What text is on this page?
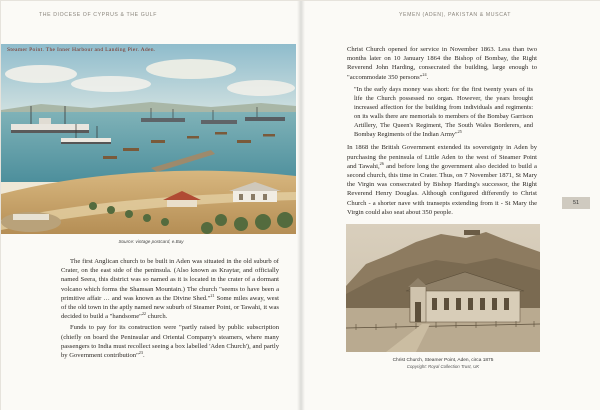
THE DIOCESE OF CYPRUS & THE GULF	YEMEN (ADEN), PAKISTAN & MUSCAT
Steamer Point. The Inner Harbour and Landing Pier. Aden.
Source: vintage postcard, e.Bay

The first Anglican church to be built in Aden was situated in the old suburb of Crater, on the east side of the peninsula. (Also known as Kraytar, and officially named Seera, this district was so named as it is located in the crater of a dormant volcano which forms the Shamsan Mountain.) The church "seems to have been a primitive affair … and was known as the Divine Shed."$^{21}$ Some miles away, west of the old town in the aptly named new suburb of Steamer Point, or Tawahi, it was decided to build a "handsome"$^{22}$ church.

Funds to pay for its construction were "partly raised by public subscription (chiefly on board the Peninsular and Oriental Company's steamers, where many passengers to India must recollect seeing a box labelled 'Aden Church'), and partly by Government contribution"$^{23}$.

Christ Church opened for service in November 1863. Less than two months later on 10 January 1864 the Bishop of Bombay, the Right Reverend John Harding, consecrated the building, large enough to "accommodate 350 persons"$^{24}$.

"In the early days money was short: for the first twenty years of its life the Church possessed no organ. However, the years brought increased affection for the building from individuals and regiments: on its walls there are memorials to members of the Bombay Garrison Artillery, The Queen's Regiment, The South Wales Borderers, and Bombay Regiments of the Indian Army"$^{25}$

In 1868 the British Government extended its sovereignty in Aden by purchasing the peninsula of Little Aden to the west of Steamer Point and Tawahi,$^{26}$ and before long the government also decided to build a second church, this time in Crater. Thus, on 7 November 1871, St Mary the Virgin was consecrated by Bishop Harding's successor, the Right Reverend Henry Douglas. Although configured differently to Christ Church - a shorter nave with transepts extending from it - St Mary the Virgin could also seat about 350 people.

51
Christ Church, Steamer Point, Aden, circa 1875
Copyright: Royal Collection Trust, UK
